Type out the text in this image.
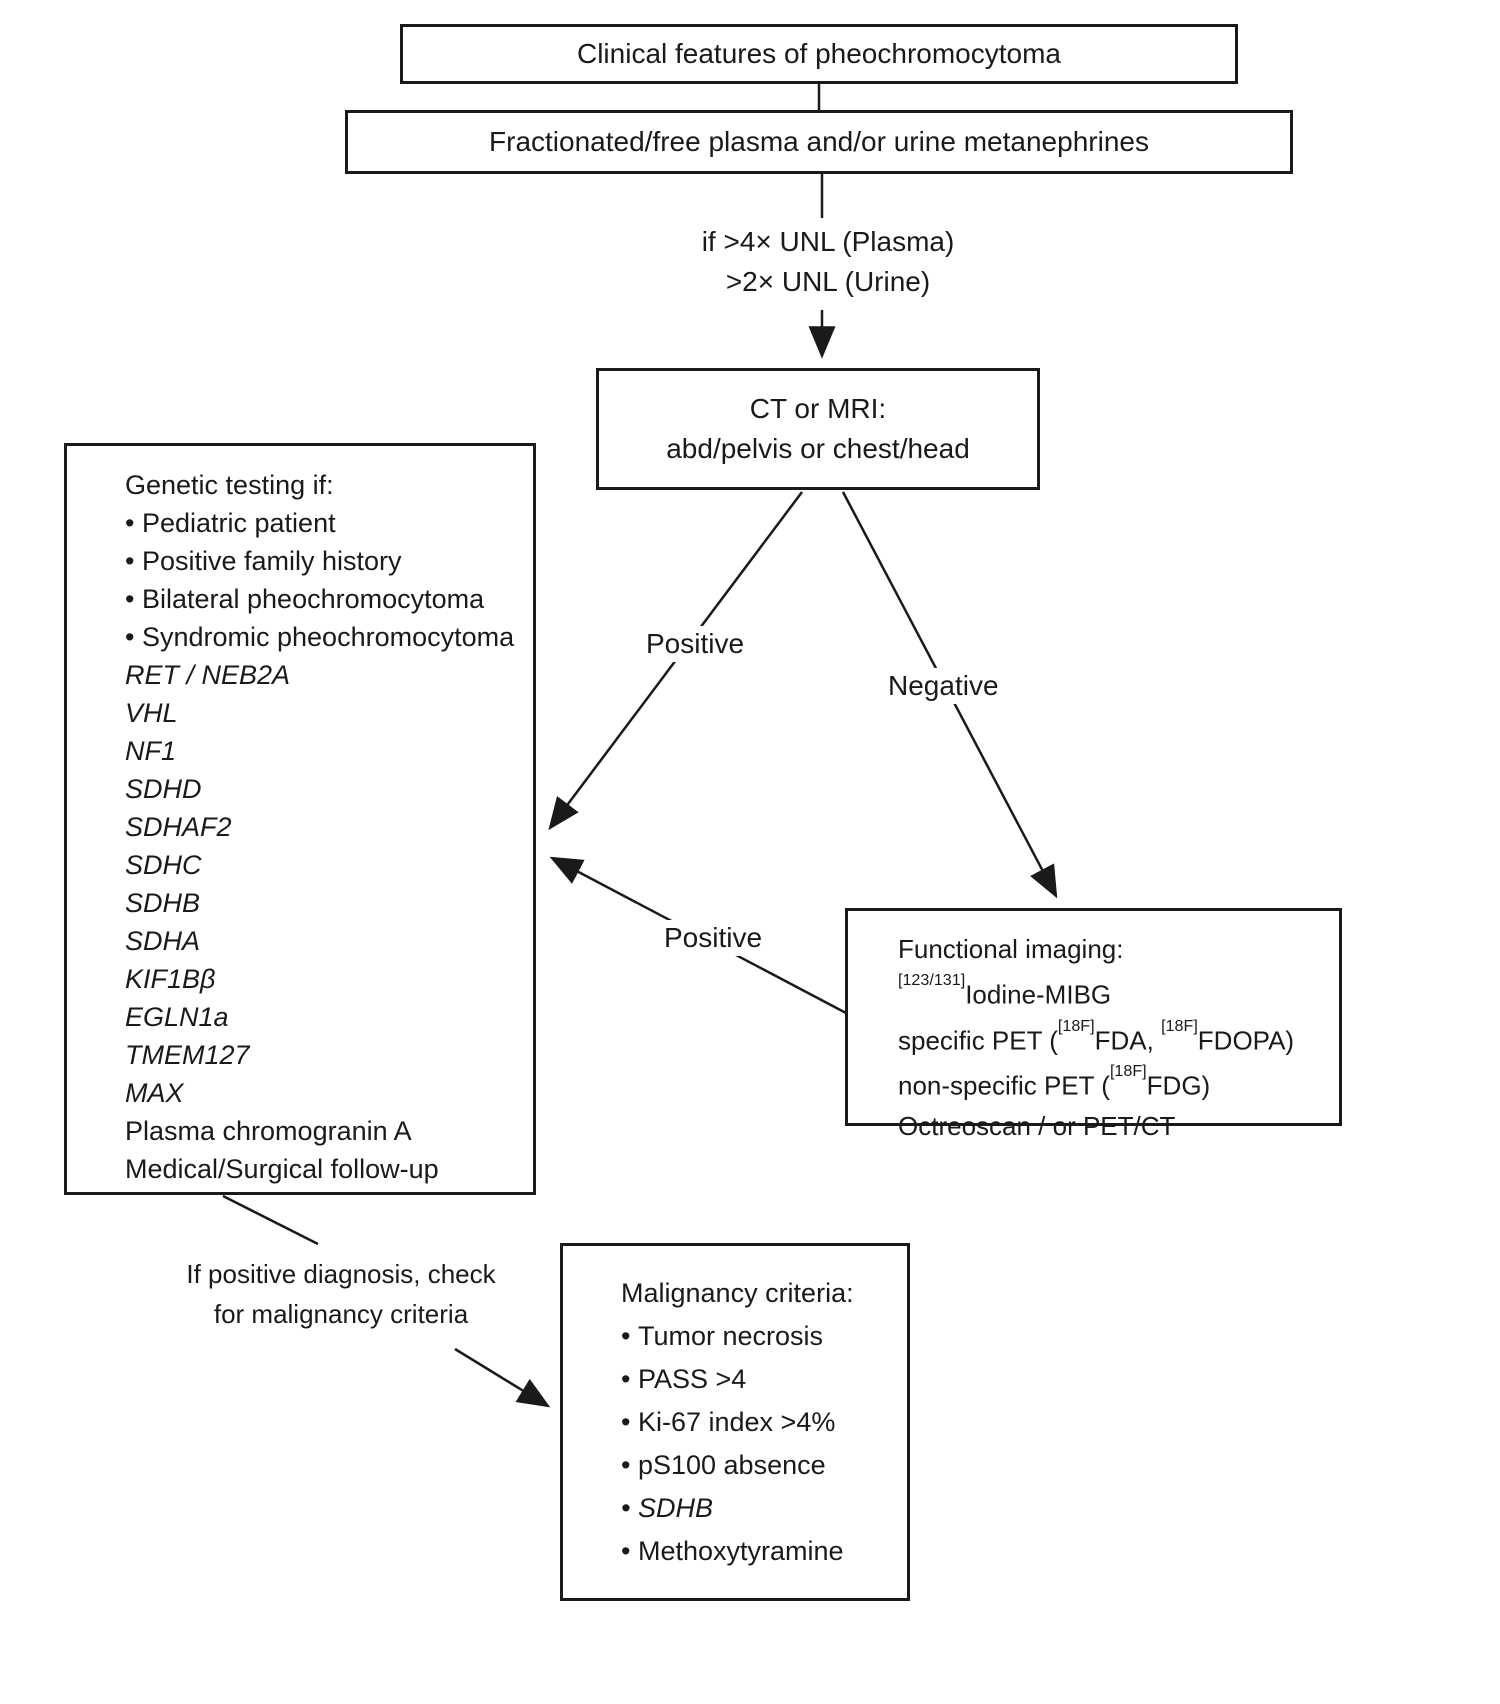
Clinical features of pheochromocytoma
Fractionated/free plasma and/or urine metanephrines
if >4× UNL (Plasma)
>2× UNL (Urine)
CT or MRI:
abd/pelvis or chest/head
Positive
Negative
Positive
Genetic testing if:
• Pediatric patient
• Positive family history
• Bilateral pheochromocytoma
• Syndromic pheochromocytoma
RET / NEB2A
VHL
NF1
SDHD
SDHAF2
SDHC
SDHB
SDHA
KIF1Bβ
EGLN1a
TMEM127
MAX
Plasma chromogranin A
Medical/Surgical follow-up
Functional imaging:
[123/131]Iodine-MIBG
specific PET ([18F]FDA, [18F]FDOPA)
non-specific PET ([18F]FDG)
Octreoscan / or PET/CT
If positive diagnosis, check
for malignancy criteria
Malignancy criteria:
• Tumor necrosis
• PASS >4
• Ki-67 index >4%
• pS100 absence
• SDHB
• Methoxytyramine
